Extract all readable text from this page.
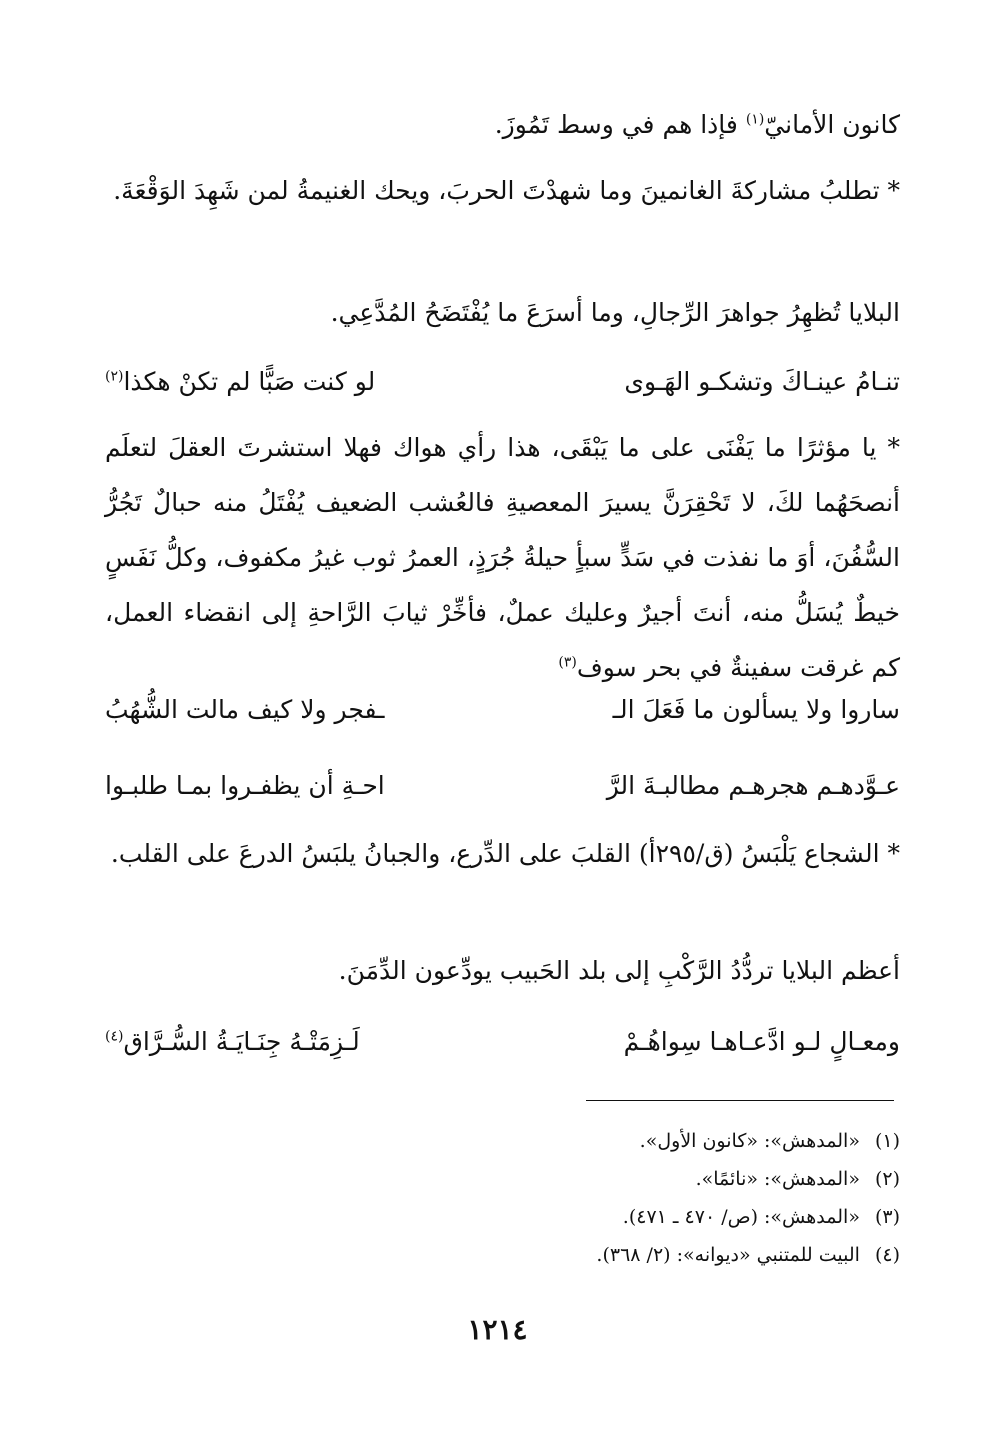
كانون الأمانيّ$^{(١)}$ فإذا هم في وسط تَمُوزَ.

* تطلبُ مشاركةَ الغانمينَ وما شهدْتَ الحربَ، ويحك الغنيمةُ لمن شَهِدَ الوَقْعَةَ.

البلايا تُظهِرُ جواهرَ الرِّجالِ، وما أسرَعَ ما يُفْتَضَحُ المُدَّعِي.

تنـامُ عينـاكَ وتشكـو الهَـوى
لو كنت صَبًّا لم تكنْ هكذا$^{(٢)}$

* يا مؤثرًا ما يَفْنَى على ما يَبْقَى، هذا رأي هواك فهلا استشرتَ العقلَ لتعلَم أنصحَهُما لكَ، لا تَحْقِرَنَّ يسيرَ المعصيةِ فالعُشب الضعيف يُفْتَلُ منه حبالٌ تَجُرُّ السُّفُنَ، أوَ ما نفذت في سَدٍّ سبأٍ حيلةُ جُرَذٍ، العمرُ ثوب غيرُ مكفوف، وكلُّ نَفَسٍ خيطٌ يُسَلُّ منه، أنتَ أجيرٌ وعليك عملٌ، فأخِّرْ ثيابَ الرَّاحةِ إلى انقضاء العمل، كم غرقت سفينةٌ في بحر سوف$^{(٣)}$

ساروا ولا يسألون ما فَعَلَ الـ
ـفجر ولا كيف مالت الشُّهُبُ
عـوَّدهـم هجرهـم مطالبـةَ الرَّ
احـةِ أن يظفـروا بمـا طلبـوا

* الشجاع يَلْبَسُ (ق/٢٩٥أ) القلبَ على الدِّرع، والجبانُ يلبَسُ الدرعَ على القلب.

أعظم البلايا تردُّدُ الرَّكْبِ إلى بلد الحَبيب يودِّعون الدِّمَنَ.

ومعـالٍ لـو ادَّعـاهـا سِواهُـمْ
لَـزِمَتْـهُ جِنَـايَـةُ السُّـرَّاق$^{(٤)}$
(١) «المدهش»: «كانون الأول».
(٢) «المدهش»: «نائمًا».
(٣) «المدهش»: (ص/ ٤٧٠ ـ ٤٧١).
(٤) البيت للمتنبي «ديوانه»: (٢/ ٣٦٨).
١٢١٤
